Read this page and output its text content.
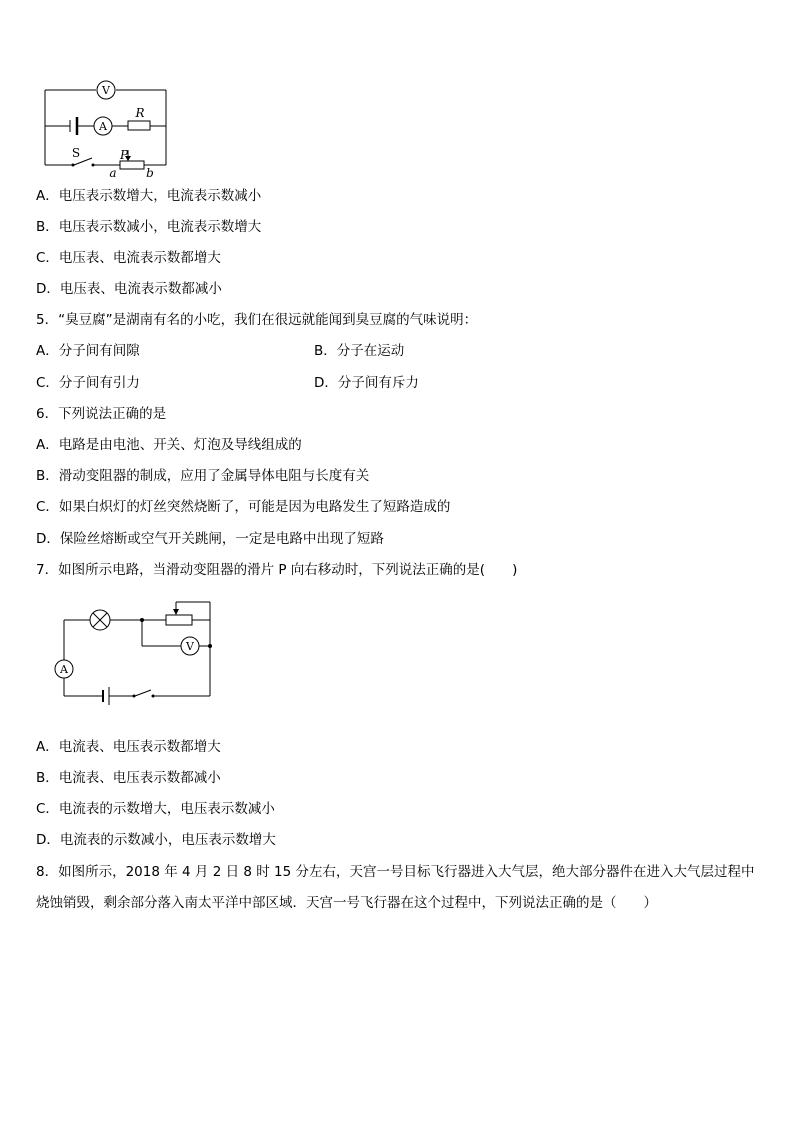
V
A
R
S	P
a b
A．电压表示数增大，电流表示数减小
B．电压表示数减小，电流表示数增大
C．电压表、电流表示数都增大
D．电压表、电流表示数都减小
5．“臭豆腐”是湖南有名的小吃，我们在很远就能闻到臭豆腐的气味说明：
A．分子间有间隙	B．分子在运动
C．分子间有引力	D．分子间有斥力
6．下列说法正确的是
A．电路是由电池、开关、灯泡及导线组成的
B．滑动变阻器的制成，应用了金属导体电阻与长度有关
C．如果白炽灯的灯丝突然烧断了，可能是因为电路发生了短路造成的
D．保险丝熔断或空气开关跳闸，一定是电路中出现了短路
7．如图所示电路，当滑动变阻器的滑片 P 向右移动时，下列说法正确的是(　　)
V
A
A．电流表、电压表示数都增大
B．电流表、电压表示数都减小
C．电流表的示数增大，电压表示数减小
D．电流表的示数减小，电压表示数增大
8．如图所示，2018 年 4 月 2 日 8 时 15 分左右，天宫一号目标飞行器进入大气层，绝大部分器件在进入大气层过程中
烧蚀销毁，剩余部分落入南太平洋中部区域．天宫一号飞行器在这个过程中，下列说法正确的是（　　）
